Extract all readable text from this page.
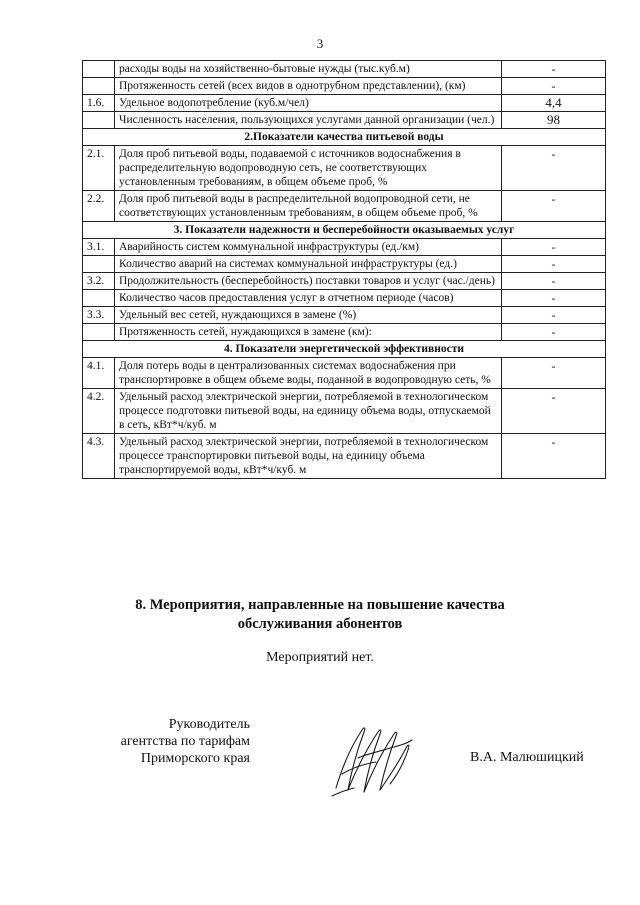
3
	расходы воды на хозяйственно-бытовые нужды (тыс.куб.м)	-
	Протяженность сетей (всех видов в однотрубном представлении), (км)	-
1.6.	Удельное водопотребление (куб.м/чел)	4,4
	Численность населения, пользующихся услугами данной организации (чел.)	98
2.Показатели качества питьевой воды		
2.1.	Доля проб питьевой воды, подаваемой с источников водоснабжения в распределительную водопроводную сеть, не соответствующих установленным требованиям, в общем объеме проб, %	-
2.2.	Доля проб питьевой воды в распределительной водопроводной сети, не соответствующих установленным требованиям, в общем объеме проб, %	-
3. Показатели надежности и бесперебойности оказываемых услуг		
3.1.	Аварийность систем коммунальной инфраструктуры (ед./км)	-
	Количество аварий на системах коммунальной инфраструктуры (ед.)	-
3.2.	Продолжительность (бесперебойность) поставки товаров и услуг (час./день)	-
	Количество часов предоставления услуг в отчетном периоде (часов)	-
3.3.	Удельный вес сетей, нуждающихся в замене (%)	-
	Протяженность сетей, нуждающихся в замене (км):	-
4. Показатели энергетической эффективности		
4.1.	Доля потерь воды в централизованных системах водоснабжения при транспортировке в общем объеме воды, поданной в водопроводную сеть, %	-
4.2.	Удельный расход электрической энергии, потребляемой в технологическом процессе подготовки питьевой воды, на единицу объема воды, отпускаемой в сеть, кВт*ч/куб. м	-
4.3.	Удельный расход электрической энергии, потребляемой в технологическом процессе транспортировки питьевой воды, на единицу объема транспортируемой воды, кВт*ч/куб. м	-
8. Мероприятия, направленные на повышение качества
обслуживания абонентов
Мероприятий нет.
Руководитель
агентства по тарифам
Приморского края	В.А. Малюшицкий
